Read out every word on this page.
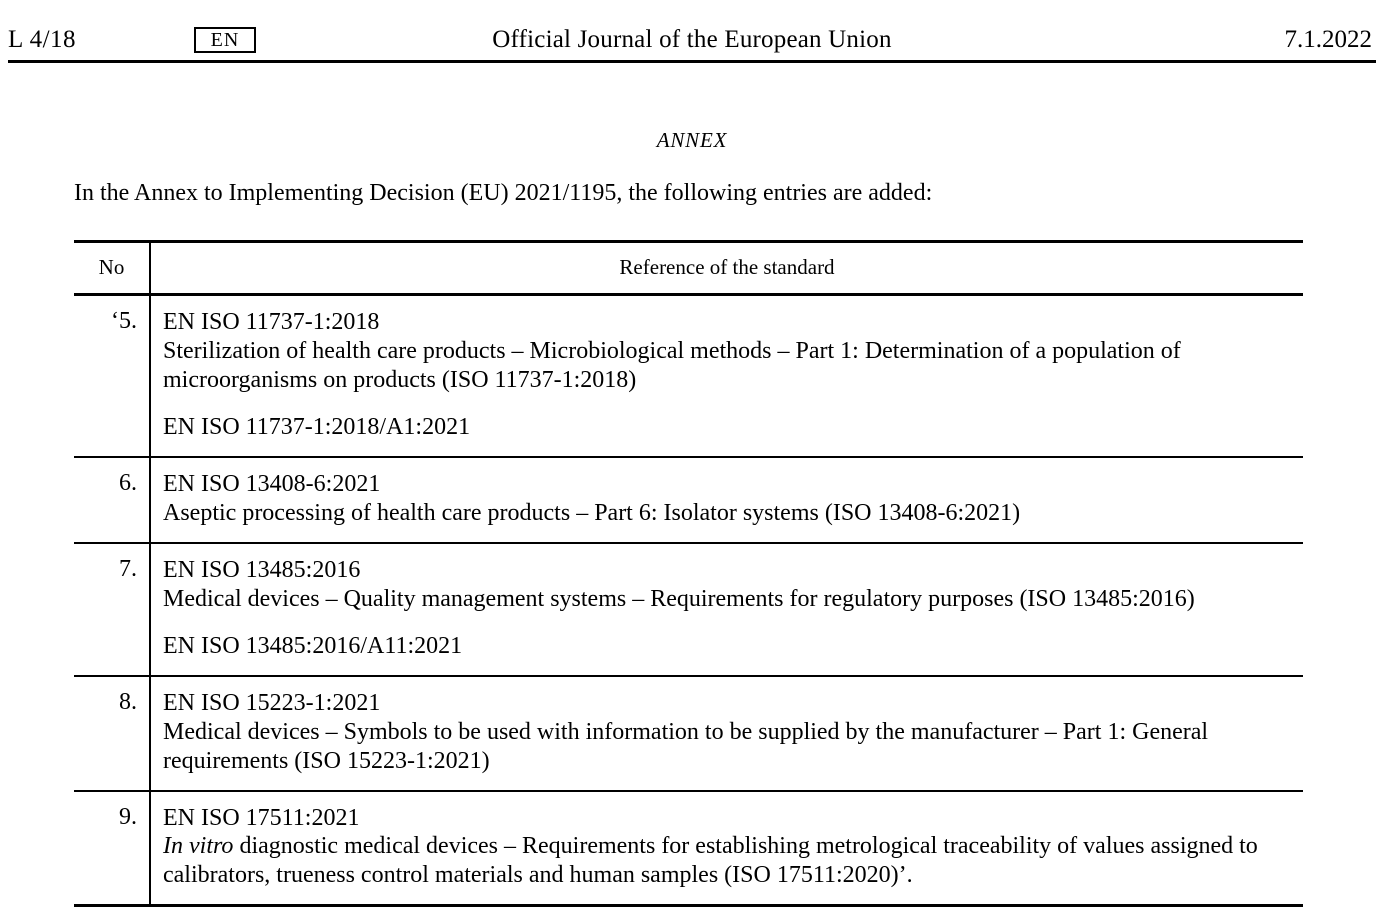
L 4/18	EN	Official Journal of the European Union	7.1.2022
ANNEX
In the Annex to Implementing Decision (EU) 2021/1195, the following entries are added:
No	Reference of the standard
‘5.	EN ISO 11737-1:2018
Sterilization of health care products – Microbiological methods – Part 1: Determination of a population of microorganisms on products (ISO 11737-1:2018)
EN ISO 11737-1:2018/A1:2021

6.	EN ISO 13408-6:2021
Aseptic processing of health care products – Part 6: Isolator systems (ISO 13408-6:2021)

7.	EN ISO 13485:2016
Medical devices – Quality management systems – Requirements for regulatory purposes (ISO 13485:2016)
EN ISO 13485:2016/A11:2021

8.	EN ISO 15223-1:2021
Medical devices – Symbols to be used with information to be supplied by the manufacturer – Part 1: General requirements (ISO 15223-1:2021)

9.	EN ISO 17511:2021
In vitro diagnostic medical devices – Requirements for establishing metrological traceability of values assigned to calibrators, trueness control materials and human samples (ISO 17511:2020)’.
